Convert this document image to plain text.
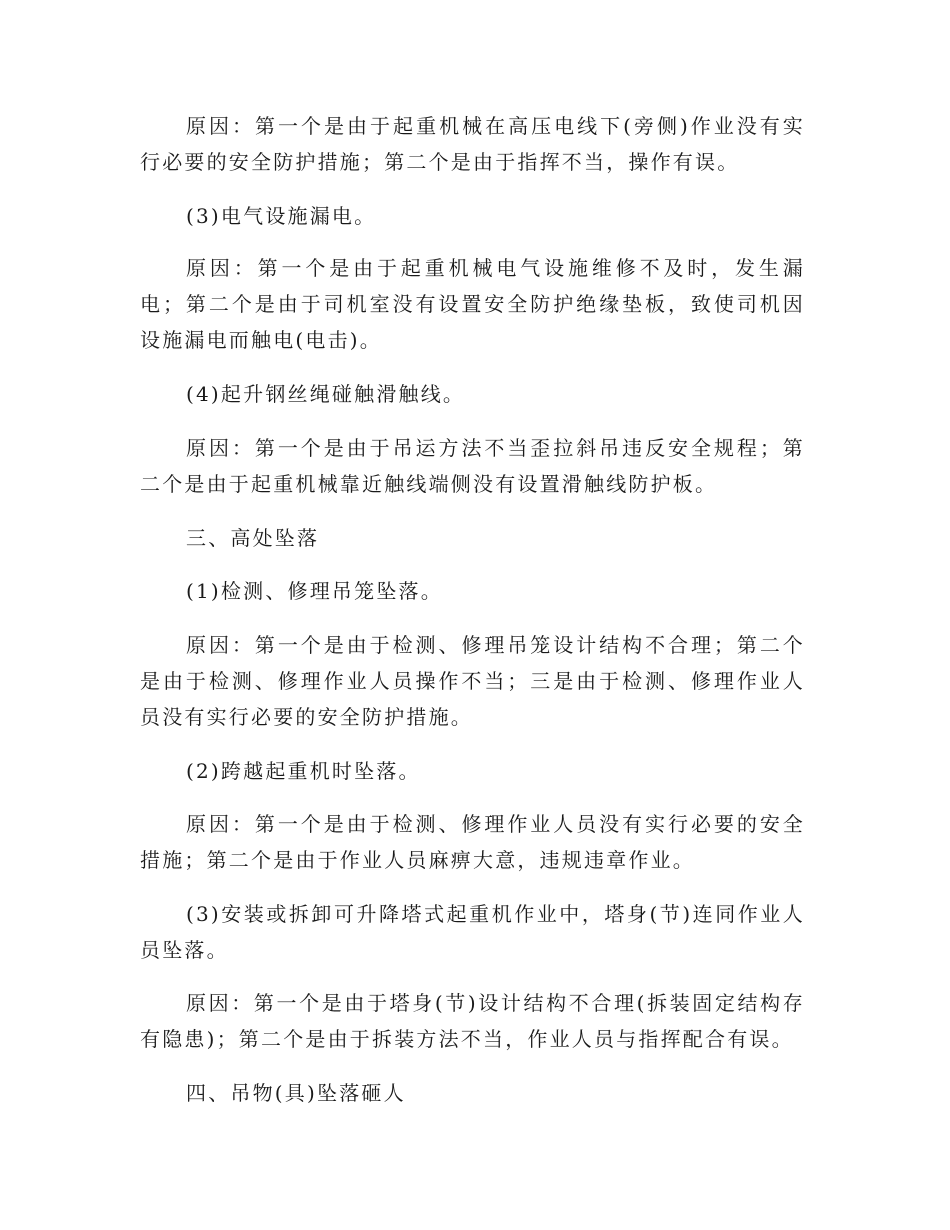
原因：第一个是由于起重机械在高压电线下(旁侧)作业没有实行必要的安全防护措施；第二个是由于指挥不当，操作有误。

(3)电气设施漏电。

原因：第一个是由于起重机械电气设施维修不及时，发生漏电；第二个是由于司机室没有设置安全防护绝缘垫板，致使司机因设施漏电而触电(电击)。

(4)起升钢丝绳碰触滑触线。

原因：第一个是由于吊运方法不当歪拉斜吊违反安全规程；第二个是由于起重机械靠近触线端侧没有设置滑触线防护板。

三、高处坠落

(1)检测、修理吊笼坠落。

原因：第一个是由于检测、修理吊笼设计结构不合理；第二个是由于检测、修理作业人员操作不当；三是由于检测、修理作业人员没有实行必要的安全防护措施。

(2)跨越起重机时坠落。

原因：第一个是由于检测、修理作业人员没有实行必要的安全措施；第二个是由于作业人员麻痹大意，违规违章作业。

(3)安装或拆卸可升降塔式起重机作业中，塔身(节)连同作业人员坠落。

原因：第一个是由于塔身(节)设计结构不合理(拆装固定结构存有隐患)；第二个是由于拆装方法不当，作业人员与指挥配合有误。

四、吊物(具)坠落砸人
